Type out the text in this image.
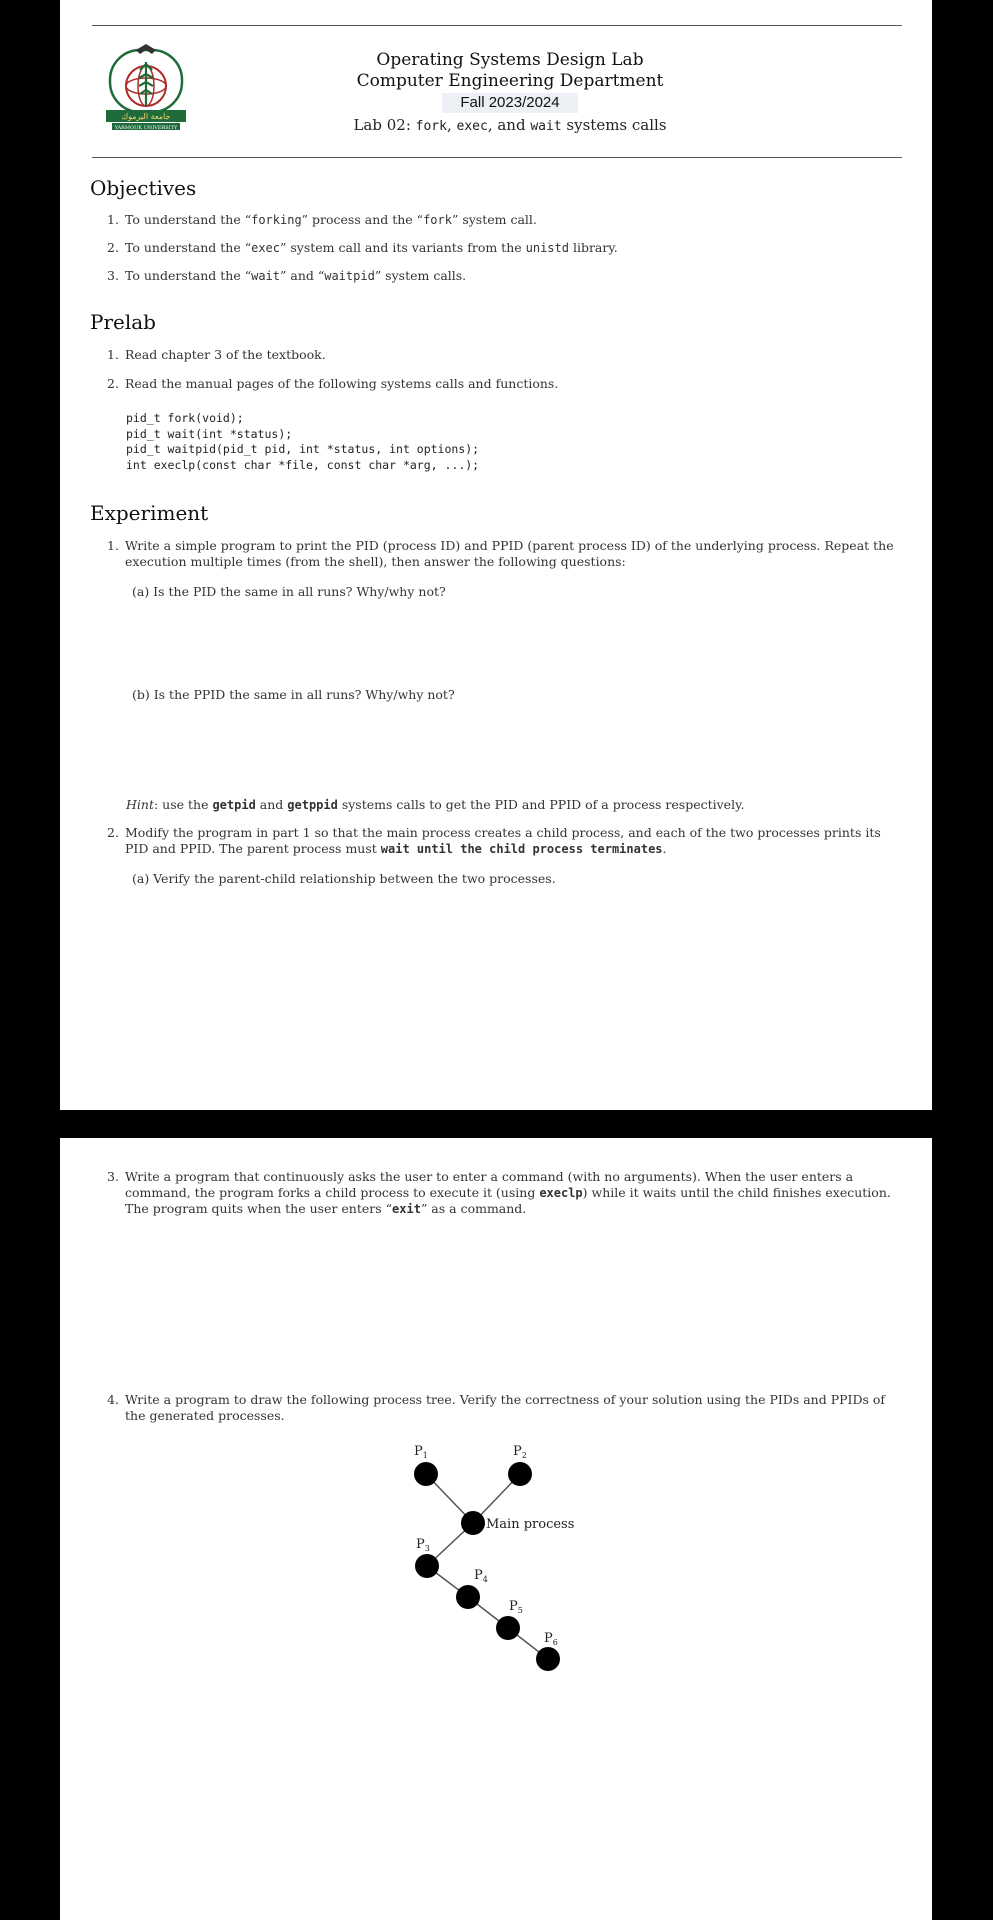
جامعة اليرموك
YARMOUK UNIVERSITY
Operating Systems Design Lab
Computer Engineering Department
Fall 2023/2024
Lab 02: fork, exec, and wait systems calls
Objectives
1. To understand the “forking” process and the “fork” system call.
2. To understand the “exec” system call and its variants from the unistd library.
3. To understand the “wait” and “waitpid” system calls.
Prelab
1. Read chapter 3 of the textbook.
2. Read the manual pages of the following systems calls and functions.
pid_t fork(void);
pid_t wait(int *status);
pid_t waitpid(pid_t pid, int *status, int options);
int execlp(const char *file, const char *arg, ...);
Experiment
1. Write a simple program to print the PID (process ID) and PPID (parent process ID) of the underlying process. Repeat the execution multiple times (from the shell), then answer the following questions:
(a) Is the PID the same in all runs? Why/why not?
(b) Is the PPID the same in all runs? Why/why not?
Hint: use the getpid and getppid systems calls to get the PID and PPID of a process respectively.
2. Modify the program in part 1 so that the main process creates a child process, and each of the two processes prints its PID and PPID. The parent process must wait until the child process terminates.
(a) Verify the parent-child relationship between the two processes.
3. Write a program that continuously asks the user to enter a command (with no arguments). When the user enters a command, the program forks a child process to execute it (using execlp) while it waits until the child finishes execution. The program quits when the user enters “exit” as a command.
4. Write a program to draw the following process tree. Verify the correctness of your solution using the PIDs and PPIDs of the generated processes.
$P_1$	$P_2$
Main process
$P_3$
$P_4$
$P_5$
$P_6$
